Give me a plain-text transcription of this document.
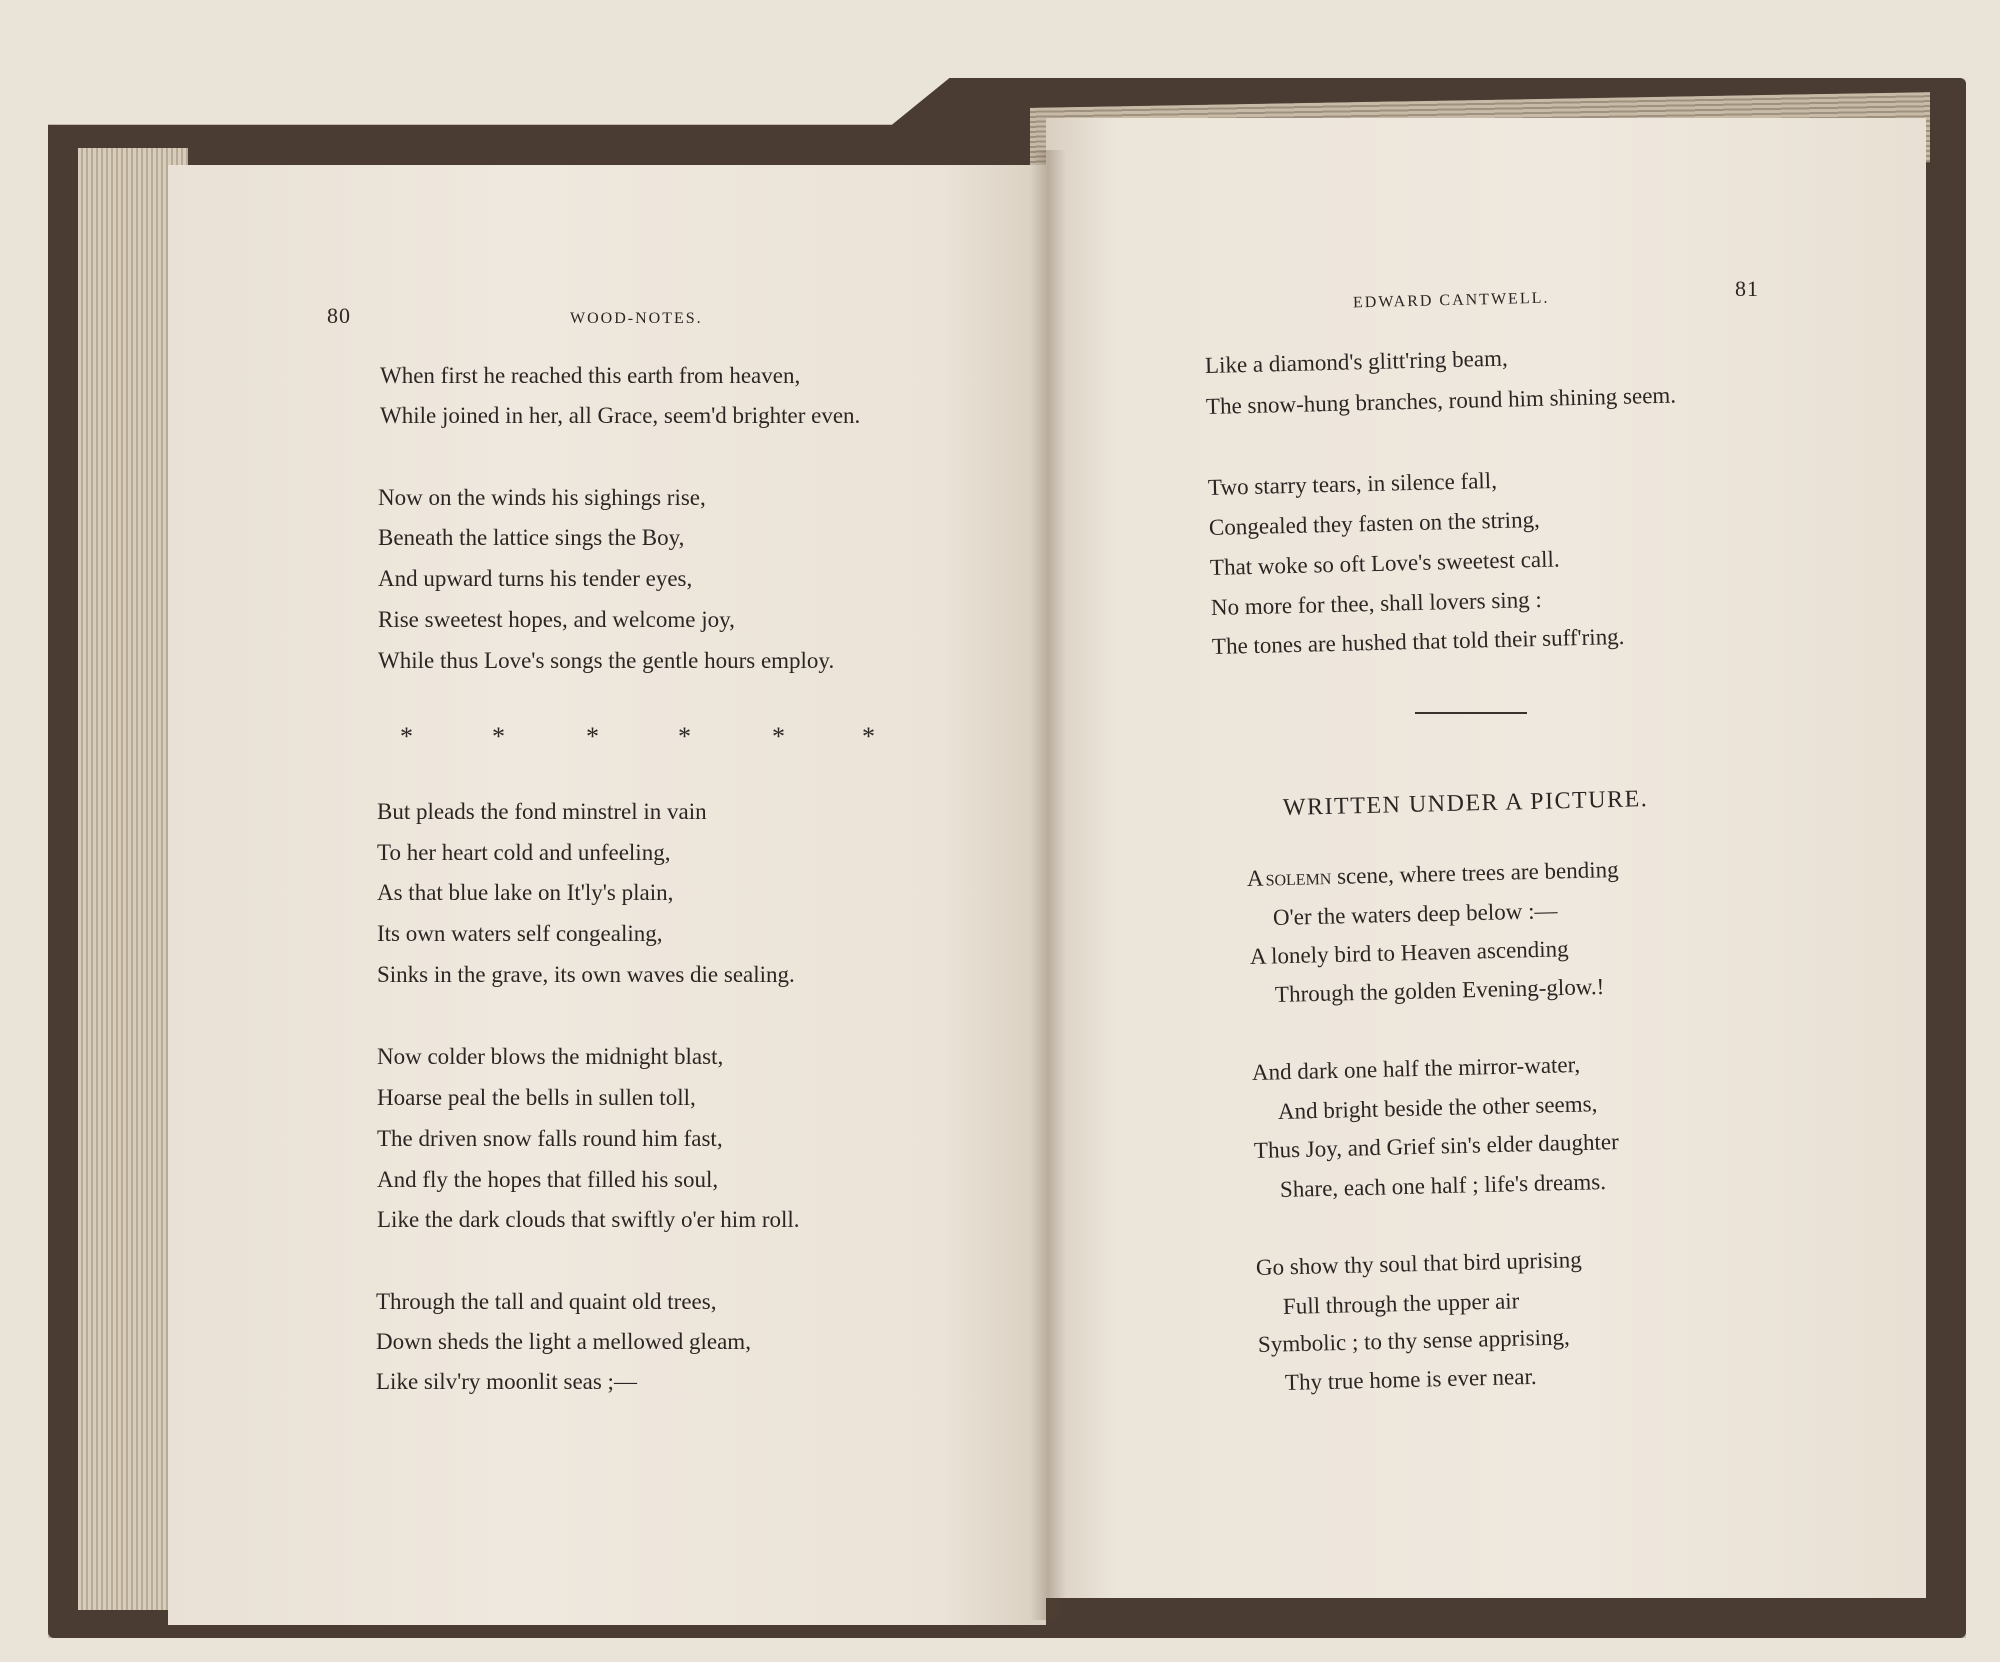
80	WOOD-NOTES.
When first he reached this earth from heaven,
While joined in her, all Grace, seem'd brighter even.
Now on the winds his sighings rise,
Beneath the lattice sings the Boy,
And upward turns his tender eyes,
Rise sweetest hopes, and welcome joy,
While thus Love's songs the gentle hours employ.
*	*	*	*	*	*
But pleads the fond minstrel in vain
To her heart cold and unfeeling,
As that blue lake on It'ly's plain,
Its own waters self congealing,
Sinks in the grave, its own waves die sealing.
Now colder blows the midnight blast,
Hoarse peal the bells in sullen toll,
The driven snow falls round him fast,
And fly the hopes that filled his soul,
Like the dark clouds that swiftly o'er him roll.
Through the tall and quaint old trees,
Down sheds the light a mellowed gleam,
Like silv'ry moonlit seas ;—
EDWARD CANTWELL.	81
Like a diamond's glitt'ring beam,
The snow-hung branches, round him shining seem.
Two starry tears, in silence fall,
Congealed they fasten on the string,
That woke so oft Love's sweetest call.
No more for thee, shall lovers sing :
The tones are hushed that told their suff'ring.
WRITTEN UNDER A PICTURE.
A solemn scene, where trees are bending
O'er the waters deep below :—
A lonely bird to Heaven ascending
Through the golden Evening-glow.!
And dark one half the mirror-water,
And bright beside the other seems,
Thus Joy, and Grief sin's elder daughter
Share, each one half ; life's dreams.
Go show thy soul that bird uprising
Full through the upper air
Symbolic ; to thy sense apprising,
Thy true home is ever near.
